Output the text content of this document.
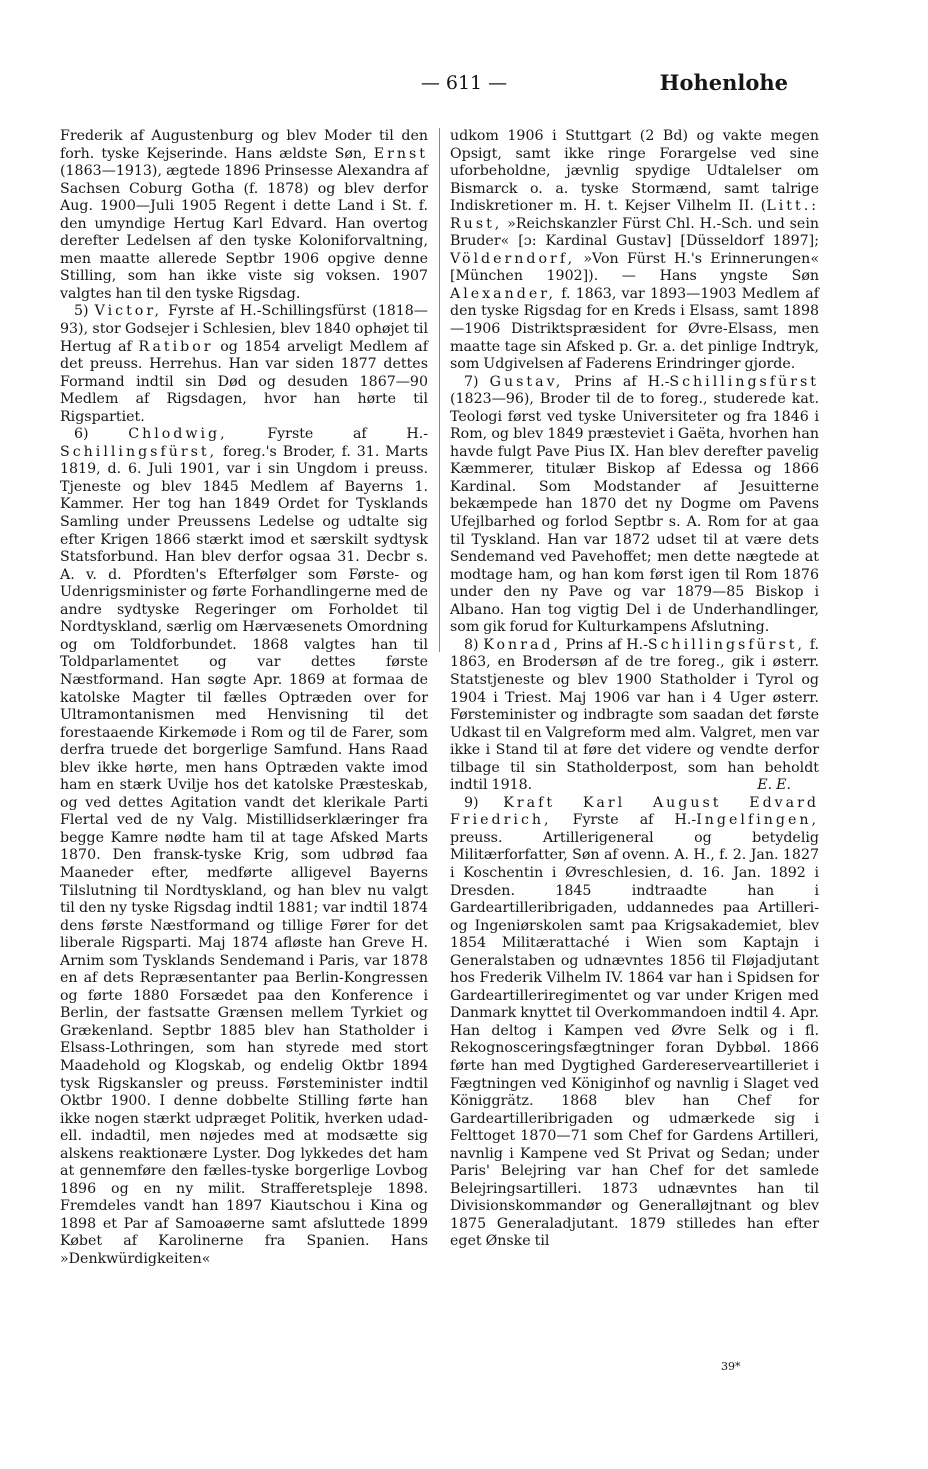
— 611 —	Hohenlohe

Frederik af Augustenburg og blev Moder til den forh. tyske Kejserinde. Hans ældste Søn, Ernst (1863—1913), ægtede 1896 Prinsesse Alexandra af Sachsen Coburg Gotha (f. 1878) og blev derfor Aug. 1900—Juli 1905 Regent i dette Land i St. f. den umyndige Hertug Karl Edvard. Han overtog derefter Ledelsen af den tyske Koloniforvaltning, men maatte allerede Septbr 1906 opgive denne Stilling, som han ikke viste sig voksen. 1907 valgtes han til den tyske Rigsdag.

5) Victor, Fyrste af H.-Schillingsfürst (1818—93), stor Godsejer i Schlesien, blev 1840 ophøjet til Hertug af Ratibor og 1854 arveligt Medlem af det preuss. Herrehus. Han var siden 1877 dettes Formand indtil sin Død og desuden 1867—90 Medlem af Rigsdagen, hvor han hørte til Rigspartiet.

6)	Chlodwig,	Fyrste af H.-Schillingsfürst, foreg.'s Broder, f. 31. Marts 1819, d. 6. Juli 1901, var i sin Ungdom i preuss. Tjeneste og blev 1845 Medlem af Bayerns 1. Kammer. Her tog han 1849 Ordet for Tysklands Samling under Preussens Ledelse og udtalte sig efter Krigen 1866 stærkt imod et særskilt sydtysk Statsforbund. Han blev derfor ogsaa 31. Decbr s. A. v. d. Pfordten's Efterfølger som Første- og Udenrigsminister og førte Forhandlingerne med de andre sydtyske Regeringer om Forholdet til Nordtyskland, særlig om Hærvæsenets Omordning og om Toldforbundet. 1868 valgtes han til Toldparlamentet og var dettes første Næstformand. Han søgte Apr. 1869 at formaa de katolske Magter til fælles Optræden over for Ultramontanismen med Henvisning til det forestaaende Kirkemøde i Rom og til de Farer, som derfra truede det borgerlige Samfund. Hans Raad blev ikke hørte, men hans Optræden vakte imod ham en stærk Uvilje hos det katolske Præsteskab, og ved dettes Agitation vandt det klerikale Parti Flertal ved de ny Valg. Mistillidserklæringer fra begge Kamre nødte ham til at tage Afsked Marts 1870. Den fransk-tyske Krig, som udbrød faa Maaneder efter, medførte alligevel Bayerns Tilslutning til Nordtyskland, og han blev nu valgt til den ny tyske Rigsdag indtil 1881; var indtil 1874 dens første Næstformand og tillige Fører for det liberale Rigsparti. Maj 1874 afløste han Greve H. Arnim som Tysklands Sendemand i Paris, var 1878 en af dets Repræsentanter paa Berlin-Kongressen og førte 1880 Forsædet paa den Konference i Berlin, der fastsatte Grænsen mellem Tyrkiet og Grækenland. Septbr 1885 blev han Statholder i Elsass-Lothringen, som han styrede med stort Maadehold og Klogskab, og endelig Oktbr 1894 tysk Rigskansler og preuss. Førsteminister indtil Oktbr 1900. I denne dobbelte Stilling førte han ikke nogen stærkt udpræget Politik, hverken udad- ell. indadtil, men nøjedes med at modsætte sig alskens reaktionære Lyster. Dog lykkedes det ham at gennemføre den fælles-tyske borgerlige Lovbog 1896 og en ny milit. Strafferetspleje 1898. Fremdeles vandt han 1897 Kiautschou i Kina og 1898 et Par af Samoaøerne samt afsluttede 1899 Købet af Karolinerne fra Spanien. Hans »Denkwürdigkeiten«

udkom 1906 i Stuttgart (2 Bd) og vakte megen Opsigt, samt ikke ringe Forargelse ved sine uforbeholdne, jævnlig spydige Udtalelser om Bismarck o. a. tyske Stormænd, samt talrige Indiskretioner m. H. t. Kejser Vilhelm II. (Litt.: Rust, »Reichskanzler Fürst Chl. H.-Sch. und sein Bruder« [ɔ: Kardinal Gustav] [Düsseldorf 1897]; Völderndorf, »Von Fürst H.'s Erinnerungen« [München 1902]). — Hans yngste Søn Alexander, f. 1863, var 1893—1903 Medlem af den tyske Rigsdag for en Kreds i Elsass, samt 1898—1906 Distriktspræsident for Øvre-Elsass, men maatte tage sin Afsked p. Gr. a. det pinlige Indtryk, som Udgivelsen af Faderens Erindringer gjorde.

7) Gustav, Prins af H.-Schillingsfürst (1823—96), Broder til de to foreg., studerede kat. Teologi først ved tyske Universiteter og fra 1846 i Rom, og blev 1849 præsteviet i Gaëta, hvorhen han havde fulgt Pave Pius IX. Han blev derefter pavelig Kæmmerer, titulær Biskop af Edessa og 1866 Kardinal. Som Modstander af Jesuitterne bekæmpede han 1870 det ny Dogme om Pavens Ufejlbarhed og forlod Septbr s. A. Rom for at gaa til Tyskland. Han var 1872 udset til at være dets Sendemand ved Pavehoffet; men dette nægtede at modtage ham, og han kom først igen til Rom 1876 under den ny Pave og var 1879—85 Biskop i Albano. Han tog vigtig Del i de Underhandlinger, som gik forud for Kulturkampens Afslutning.

8) Konrad, Prins af H.-Schillingsfürst, f. 1863, en Brodersøn af de tre foreg., gik i østerr. Statstjeneste og blev 1900 Statholder i Tyrol og 1904 i Triest. Maj 1906 var han i 4 Uger østerr. Førsteminister og indbragte som saadan det første Udkast til en Valgreform med alm. Valgret, men var ikke i Stand til at føre det videre og vendte derfor tilbage til sin Statholderpost, som han beholdt indtil 1918.	E. E.

9) Kraft Karl August Edvard Friedrich, Fyrste af H.-Ingelfingen, preuss. Artillerigeneral og betydelig Militærforfatter, Søn af ovenn. A. H., f. 2. Jan. 1827 i Koschentin i Øvreschlesien, d. 16. Jan. 1892 i Dresden. 1845 indtraadte han i Gardeartilleribrigaden, uddannedes paa Artilleri- og Ingeniørskolen samt paa Krigsakademiet, blev 1854 Militærattaché i Wien som Kaptajn i Generalstaben og udnævntes 1856 til Fløjadjutant hos Frederik Vilhelm IV. 1864 var han i Spidsen for Gardeartilleriregimentet og var under Krigen med Danmark knyttet til Overkommandoen indtil 4. Apr. Han deltog i Kampen ved Øvre Selk og i fl. Rekognosceringsfægtninger foran Dybbøl. 1866 førte han med Dygtighed Gardereserveartilleriet i Fægtningen ved Königinhof og navnlig i Slaget ved Königgrätz. 1868 blev han Chef for Gardeartilleribrigaden og udmærkede sig i Felttoget 1870—71 som Chef for Gardens Artilleri, navnlig i Kampene ved St Privat og Sedan; under Paris' Belejring var han Chef for det samlede Belejringsartilleri. 1873 udnævntes han til Divisionskommandør og Generalløjtnant og blev 1875 Generaladjutant. 1879 stilledes han efter eget Ønske til

39*
